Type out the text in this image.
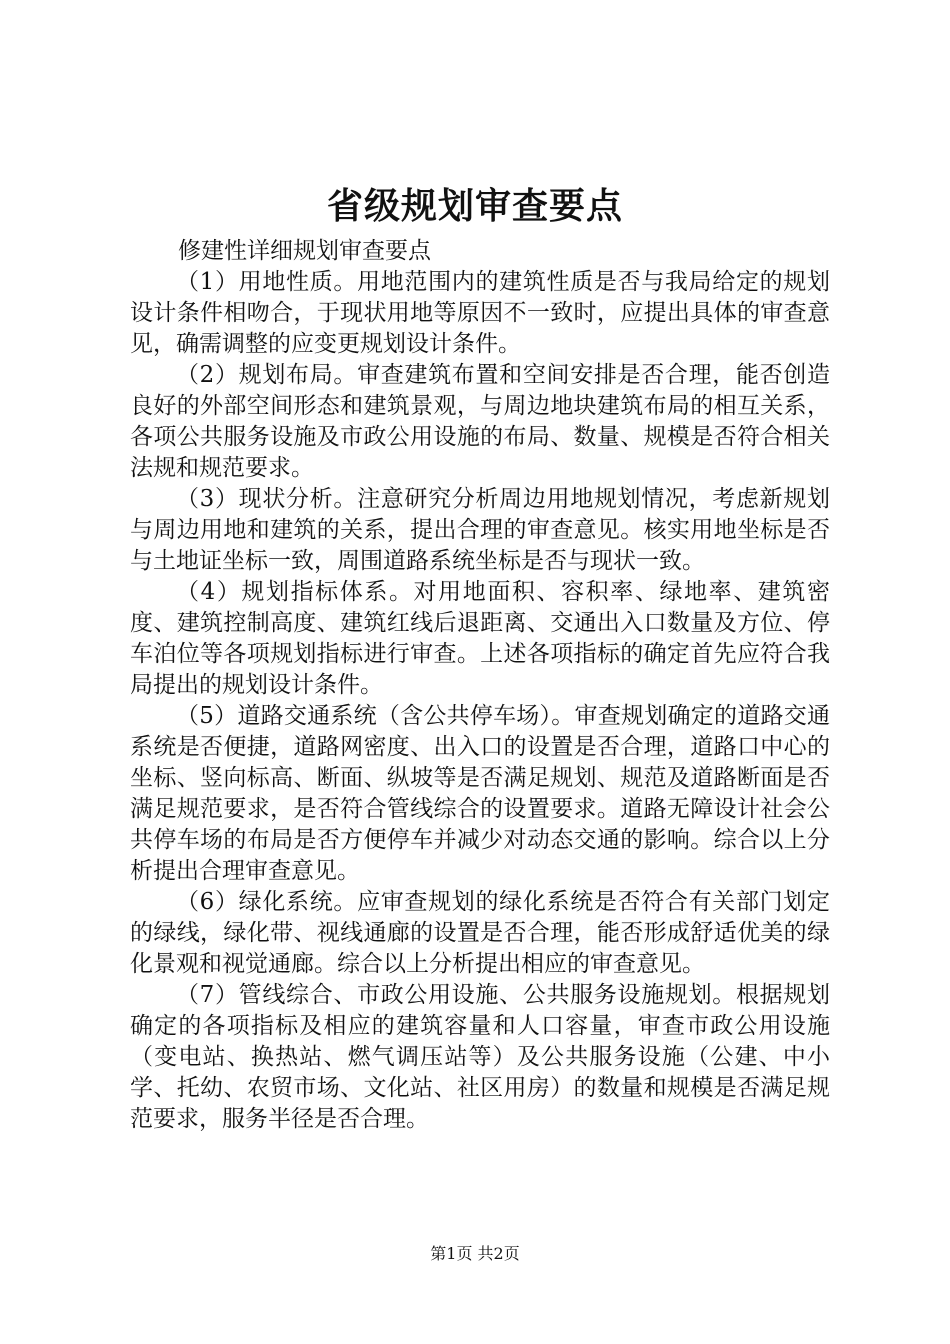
省级规划审查要点

修建性详细规划审查要点

（1）用地性质。用地范围内的建筑性质是否与我局给定的规划设计条件相吻合，于现状用地等原因不一致时，应提出具体的审查意见，确需调整的应变更规划设计条件。

（2）规划布局。审查建筑布置和空间安排是否合理，能否创造良好的外部空间形态和建筑景观，与周边地块建筑布局的相互关系，各项公共服务设施及市政公用设施的布局、数量、规模是否符合相关法规和规范要求。

（3）现状分析。注意研究分析周边用地规划情况，考虑新规划与周边用地和建筑的关系，提出合理的审查意见。核实用地坐标是否与土地证坐标一致，周围道路系统坐标是否与现状一致。

（4）规划指标体系。对用地面积、容积率、绿地率、建筑密度、建筑控制高度、建筑红线后退距离、交通出入口数量及方位、停车泊位等各项规划指标进行审查。上述各项指标的确定首先应符合我局提出的规划设计条件。

（5）道路交通系统（含公共停车场）。审查规划确定的道路交通系统是否便捷，道路网密度、出入口的设置是否合理，道路口中心的坐标、竖向标高、断面、纵坡等是否满足规划、规范及道路断面是否满足规范要求，是否符合管线综合的设置要求。道路无障设计社会公共停车场的布局是否方便停车并减少对动态交通的影响。综合以上分析提出合理审查意见。

（6）绿化系统。应审查规划的绿化系统是否符合有关部门划定的绿线，绿化带、视线通廊的设置是否合理，能否形成舒适优美的绿化景观和视觉通廊。综合以上分析提出相应的审查意见。

（7）管线综合、市政公用设施、公共服务设施规划。根据规划确定的各项指标及相应的建筑容量和人口容量，审查市政公用设施（变电站、换热站、燃气调压站等）及公共服务设施（公建、中小学、托幼、农贸市场、文化站、社区用房）的数量和规模是否满足规范要求，服务半径是否合理。

第1页 共2页
